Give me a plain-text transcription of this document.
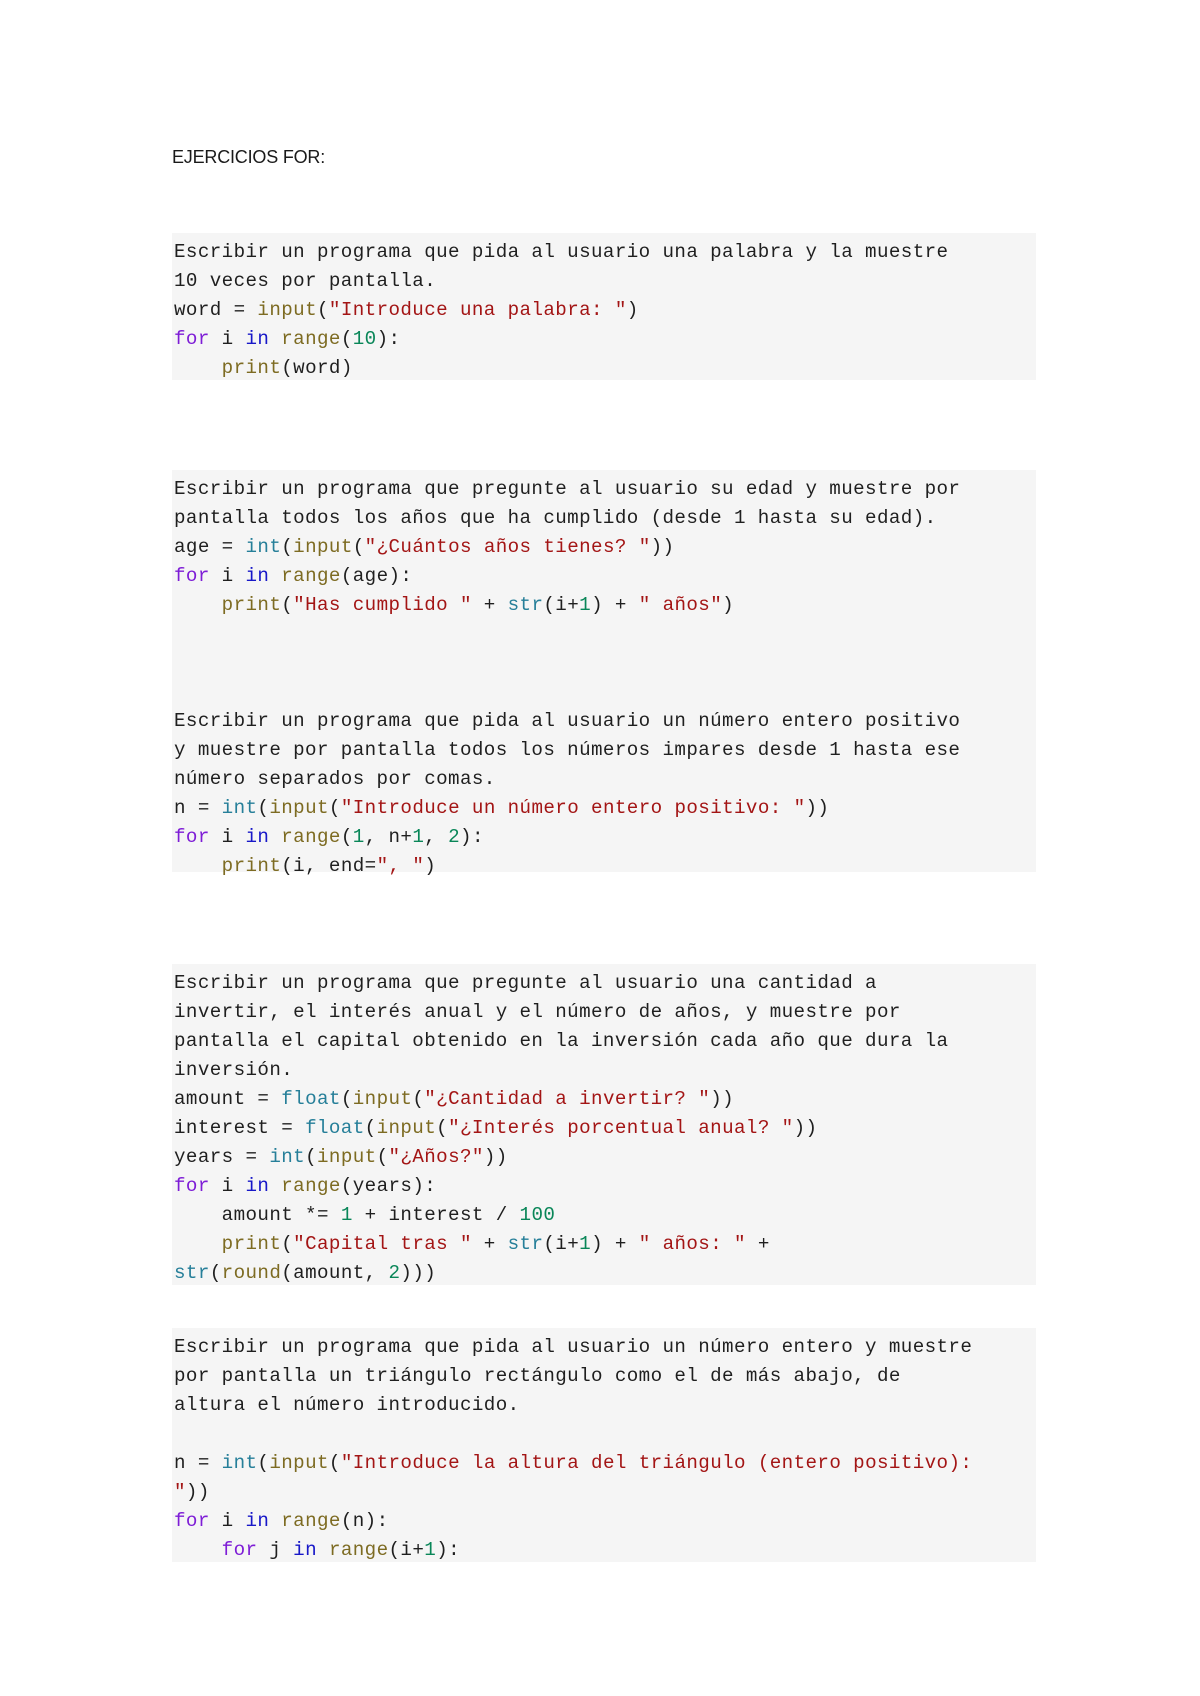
EJERCICIOS FOR:
Escribir un programa que pida al usuario una palabra y la muestre
10 veces por pantalla.
word = input("Introduce una palabra: ")
for i in range(10):
print(word)
Escribir un programa que pregunte al usuario su edad y muestre por
pantalla todos los años que ha cumplido (desde 1 hasta su edad).
age = int(input("¿Cuántos años tienes? "))
for i in range(age):
print("Has cumplido " + str(i+1) + " años")
Escribir un programa que pida al usuario un número entero positivo
y muestre por pantalla todos los números impares desde 1 hasta ese
número separados por comas.
n = int(input("Introduce un número entero positivo: "))
for i in range(1, n+1, 2):
print(i, end=", ")
Escribir un programa que pregunte al usuario una cantidad a
invertir, el interés anual y el número de años, y muestre por
pantalla el capital obtenido en la inversión cada año que dura la
inversión.
amount = float(input("¿Cantidad a invertir? "))
interest = float(input("¿Interés porcentual anual? "))
years = int(input("¿Años?"))
for i in range(years):
amount *= 1 + interest / 100
print("Capital tras " + str(i+1) + " años: " +
str(round(amount, 2)))
Escribir un programa que pida al usuario un número entero y muestre
por pantalla un triángulo rectángulo como el de más abajo, de
altura el número introducido.
n = int(input("Introduce la altura del triángulo (entero positivo):
"))
for i in range(n):
for j in range(i+1):
